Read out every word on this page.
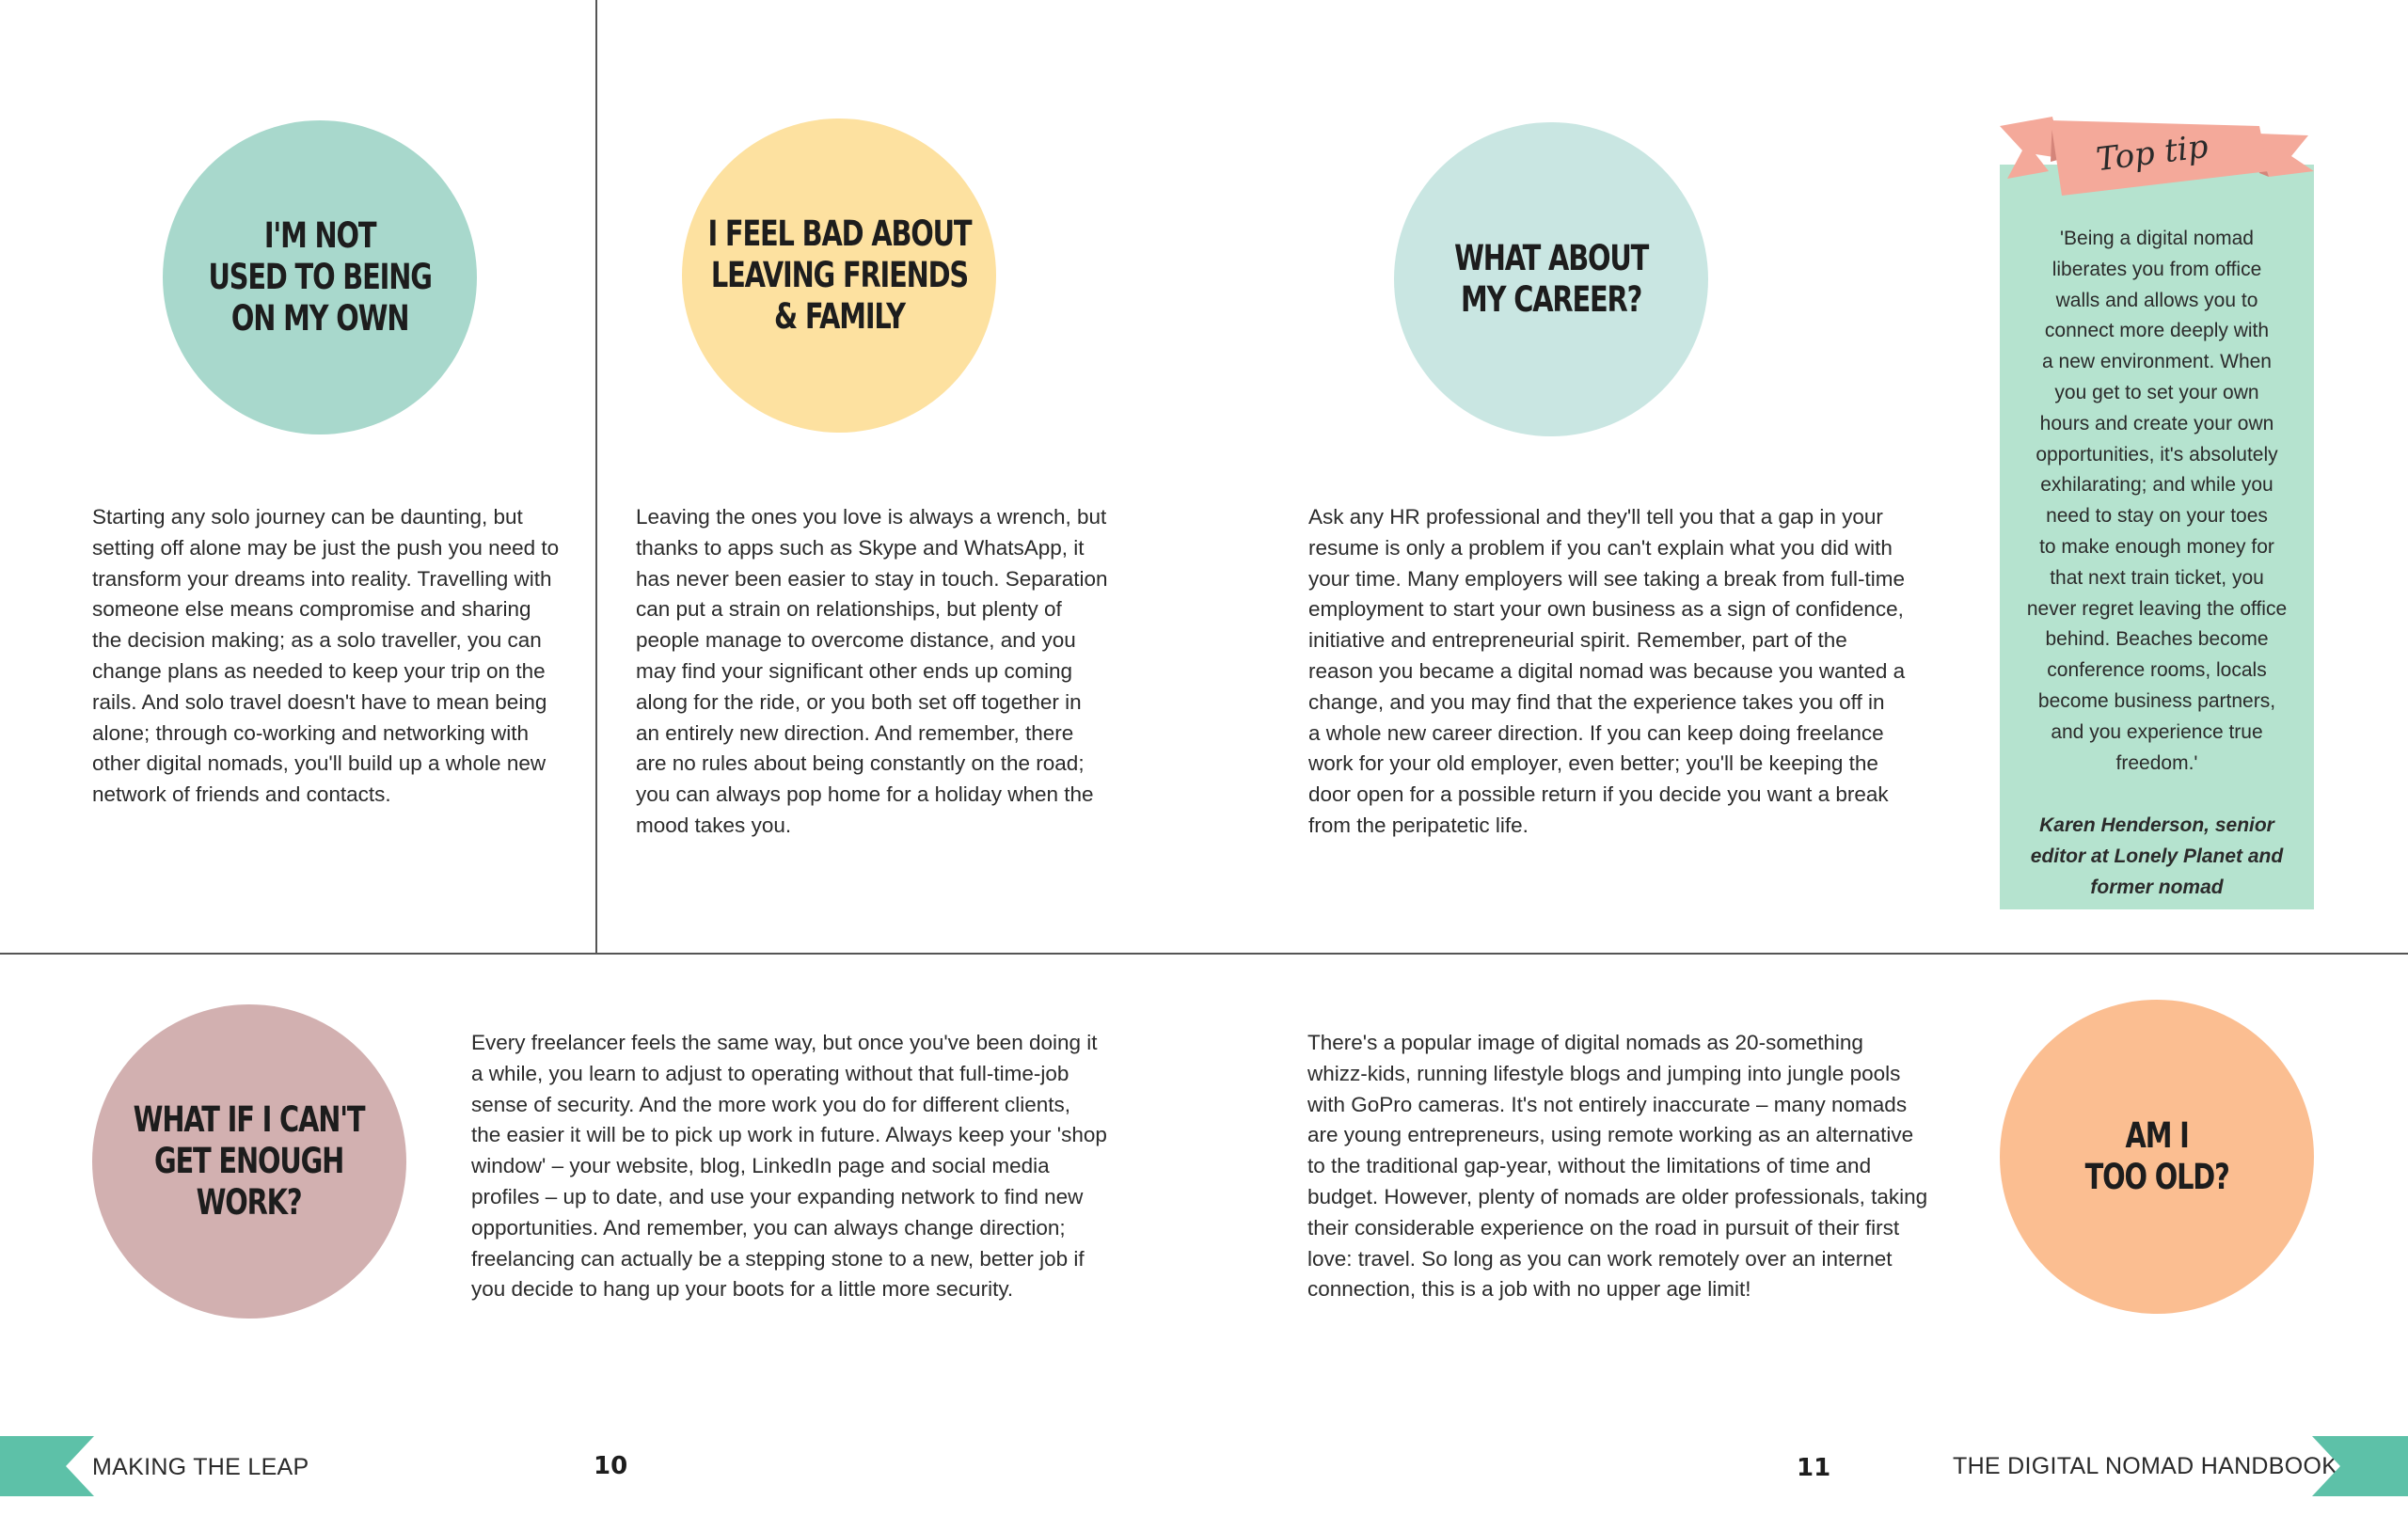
I'M NOT
USED TO BEING
ON MY OWN
Starting any solo journey can be daunting, but
setting off alone may be just the push you need to
transform your dreams into reality. Travelling with
someone else means compromise and sharing
the decision making; as a solo traveller, you can
change plans as needed to keep your trip on the
rails. And solo travel doesn't have to mean being
alone; through co-working and networking with
other digital nomads, you'll build up a whole new
network of friends and contacts.
I FEEL BAD ABOUT
LEAVING FRIENDS
& FAMILY
Leaving the ones you love is always a wrench, but
thanks to apps such as Skype and WhatsApp, it
has never been easier to stay in touch. Separation
can put a strain on relationships, but plenty of
people manage to overcome distance, and you
may find your significant other ends up coming
along for the ride, or you both set off together in
an entirely new direction. And remember, there
are no rules about being constantly on the road;
you can always pop home for a holiday when the
mood takes you.
WHAT ABOUT
MY CAREER?
Ask any HR professional and they'll tell you that a gap in your
resume is only a problem if you can't explain what you did with
your time. Many employers will see taking a break from full-time
employment to start your own business as a sign of confidence,
initiative and entrepreneurial spirit. Remember, part of the
reason you became a digital nomad was because you wanted a
change, and you may find that the experience takes you off in
a whole new career direction. If you can keep doing freelance
work for your old employer, even better; you'll be keeping the
door open for a possible return if you decide you want a break
from the peripatetic life.
Top tip
'Being a digital nomad
liberates you from office
walls and allows you to
connect more deeply with
a new environment. When
you get to set your own
hours and create your own
opportunities, it's absolutely
exhilarating; and while you
need to stay on your toes
to make enough money for
that next train ticket, you
never regret leaving the office
behind. Beaches become
conference rooms, locals
become business partners,
and you experience true
freedom.'
Karen Henderson, senior
editor at Lonely Planet and
former nomad
WHAT IF I CAN'T
GET ENOUGH
WORK?
Every freelancer feels the same way, but once you've been doing it
a while, you learn to adjust to operating without that full-time-job
sense of security. And the more work you do for different clients,
the easier it will be to pick up work in future. Always keep your 'shop
window' – your website, blog, LinkedIn page and social media
profiles – up to date, and use your expanding network to find new
opportunities. And remember, you can always change direction;
freelancing can actually be a stepping stone to a new, better job if
you decide to hang up your boots for a little more security.
There's a popular image of digital nomads as 20-something
whizz-kids, running lifestyle blogs and jumping into jungle pools
with GoPro cameras. It's not entirely inaccurate – many nomads
are young entrepreneurs, using remote working as an alternative
to the traditional gap-year, without the limitations of time and
budget. However, plenty of nomads are older professionals, taking
their considerable experience on the road in pursuit of their first
love: travel. So long as you can work remotely over an internet
connection, this is a job with no upper age limit!
AM I
TOO OLD?
MAKING THE LEAP	10	11	THE DIGITAL NOMAD HANDBOOK
